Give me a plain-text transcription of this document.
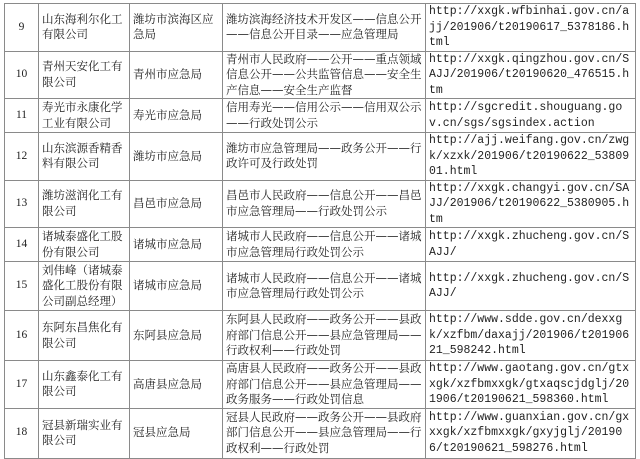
9	山东海利尔化工有限公司	潍坊市滨海区应急局	潍坊滨海经济技术开发区——信息公开——信息公开目录——应急管理局	http://xxgk.wfbinhai.gov.cn/ajj/201906/t20190617_5378186.html
10	青州天安化工有限公司	青州市应急局	青州市人民政府——公开——重点领域信息公开——公共监管信息——安全生产信息——安全生产监督	http://xxgk.qingzhou.gov.cn/SAJJ/201906/t20190620_476515.htm
11	寿光市永康化学工业有限公司	寿光市应急局	信用寿光——信用公示——信用双公示——行政处罚公示	http://sgcredit.shouguang.gov.cn/sgs/sgsindex.action
12	山东滨源香精香料有限公司	潍坊市应急局	潍坊市应急管理局——政务公开——行政许可及行政处罚	http://ajj.weifang.gov.cn/zwgk/xzxk/201906/t20190622_5380901.html
13	潍坊滋润化工有限公司	昌邑市应急局	昌邑市人民政府——信息公开——昌邑市应急管理局——行政处罚公示	http://xxgk.changyi.gov.cn/SAJJ/201906/t20190622_5380905.htm
14	诸城泰盛化工股份有限公司	诸城市应急局	诸城市人民政府——信息公开——诸城市应急管理局行政处罚公示	http://xxgk.zhucheng.gov.cn/SAJJ/
15	刘伟峰（诸城泰盛化工股份有限公司副总经理）	诸城市应急局	诸城市人民政府——信息公开——诸城市应急管理局行政处罚公示	http://xxgk.zhucheng.gov.cn/SAJJ/
16	东阿东昌焦化有限公司	东阿县应急局	东阿县人民政府——政务公开——县政府部门信息公开——县应急管理局——行政权利——行政处罚	http://www.sdde.gov.cn/dexxgk/xzfbm/daxajj/201906/t20190621_598242.html
17	山东鑫泰化工有限公司	高唐县应急局	高唐县人民政府——政务公开——县政府部门信息公开——县应急管理局——政务服务——行政处罚信息	http://www.gaotang.gov.cn/gtxxgk/xzfbmxxgk/gtxaqscjdglj/201906/t20190621_598360.html
18	冠县新瑞实业有限公司	冠县应急局	冠县人民政府——政务公开——县政府部门信息公开——县应急管理局——行政权利——行政处罚	http://www.guanxian.gov.cn/gxxxgk/xzfbmxxgk/gxyjglj/201906/t20190621_598276.html
